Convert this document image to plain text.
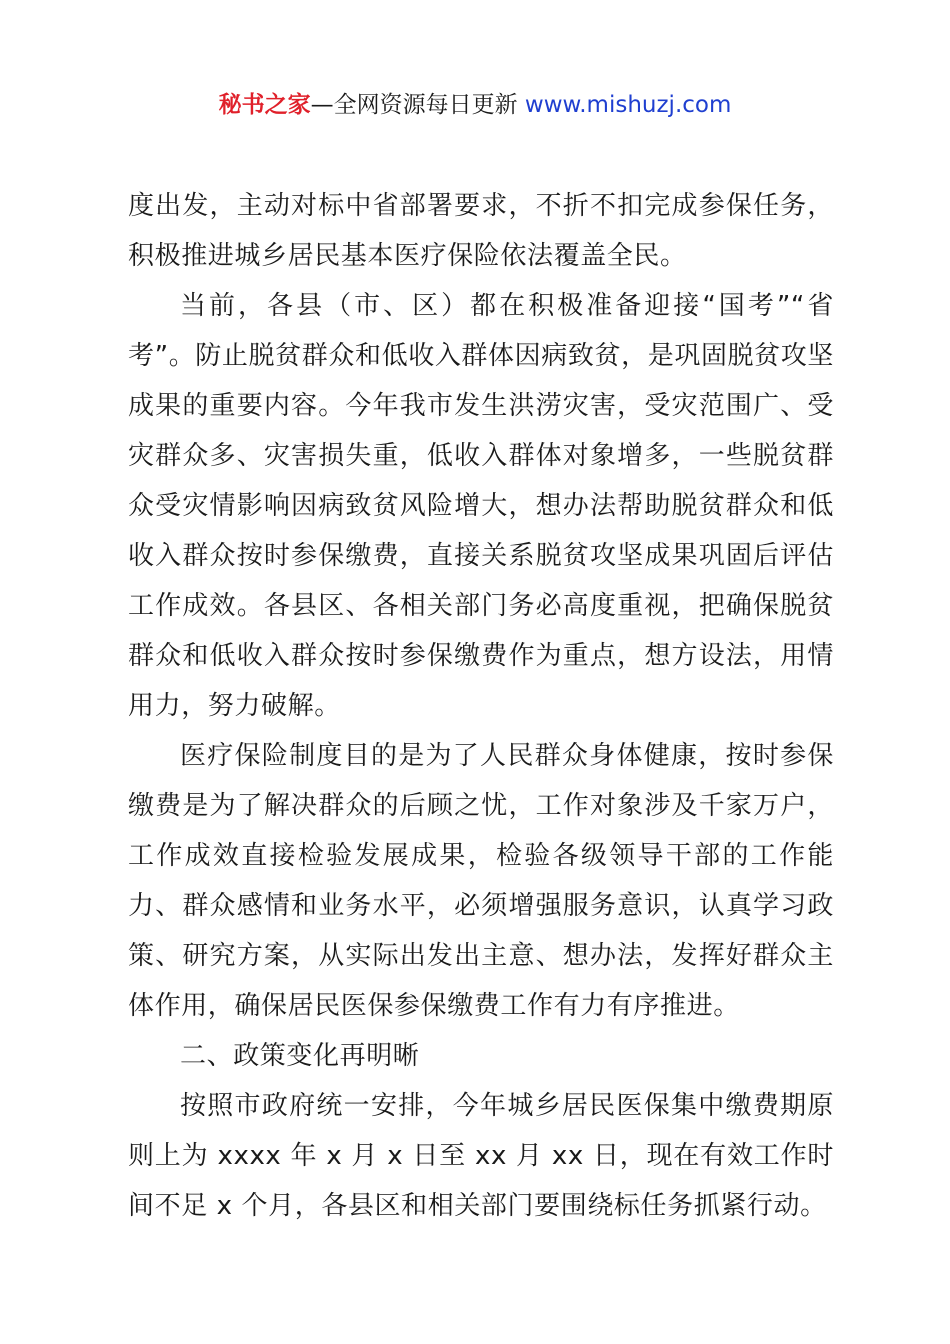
秘书之家—全网资源每日更新 www.mishuzj.com

度出发，主动对标中省部署要求，不折不扣完成参保任务，积极推进城乡居民基本医疗保险依法覆盖全民。

当前，各县（市、区）都在积极准备迎接“国考”“省考”。防止脱贫群众和低收入群体因病致贫，是巩固脱贫攻坚成果的重要内容。今年我市发生洪涝灾害，受灾范围广、受灾群众多、灾害损失重，低收入群体对象增多，一些脱贫群众受灾情影响因病致贫风险增大，想办法帮助脱贫群众和低收入群众按时参保缴费，直接关系脱贫攻坚成果巩固后评估工作成效。各县区、各相关部门务必高度重视，把确保脱贫群众和低收入群众按时参保缴费作为重点，想方设法，用情用力，努力破解。

医疗保险制度目的是为了人民群众身体健康，按时参保缴费是为了解决群众的后顾之忧，工作对象涉及千家万户，工作成效直接检验发展成果，检验各级领导干部的工作能力、群众感情和业务水平，必须增强服务意识，认真学习政策、研究方案，从实际出发出主意、想办法，发挥好群众主体作用，确保居民医保参保缴费工作有力有序推进。

二、政策变化再明晰

按照市政府统一安排，今年城乡居民医保集中缴费期原则上为 xxxx 年 x 月 x 日至 xx 月 xx 日，现在有效工作时间不足 x 个月，各县区和相关部门要围绕标任务抓紧行动。
